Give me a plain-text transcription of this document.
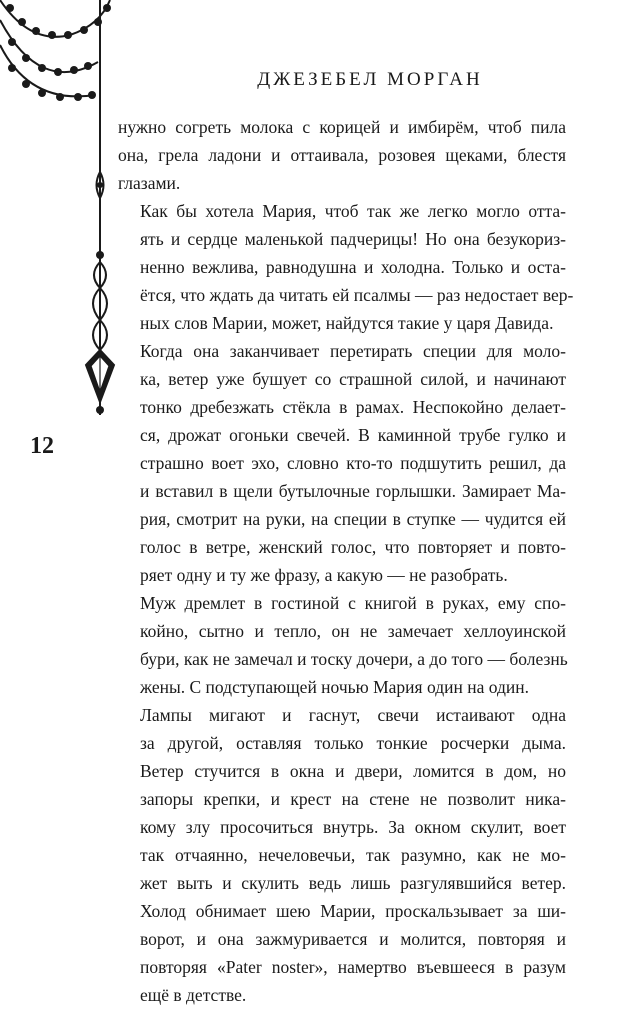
ДЖЕЗЕБЕЛ МОРГАН
12
нужно согреть молока с корицей и имбирём, чтоб пила
она, грела ладони и оттаивала, розовея щеками, блестя
глазами.
Как бы хотела Мария, чтоб так же легко могло отта-
ять и сердце маленькой падчерицы! Но она безукориз-
ненно вежлива, равнодушна и холодна. Только и оста-
ётся, что ждать да читать ей псалмы — раз недостает вер-
ных слов Марии, может, найдутся такие у царя Давида.
Когда она заканчивает перетирать специи для моло-
ка, ветер уже бушует со страшной силой, и начинают
тонко дребезжать стёкла в рамах. Неспокойно делает-
ся, дрожат огоньки свечей. В каминной трубе гулко и
страшно воет эхо, словно кто-то подшутить решил, да
и вставил в щели бутылочные горлышки. Замирает Ма-
рия, смотрит на руки, на специи в ступке — чудится ей
голос в ветре, женский голос, что повторяет и повто-
ряет одну и ту же фразу, а какую — не разобрать.
Муж дремлет в гостиной с книгой в руках, ему спо-
койно, сытно и тепло, он не замечает хеллоуинской
бури, как не замечал и тоску дочери, а до того — болезнь
жены. С подступающей ночью Мария один на один.
Лампы мигают и гаснут, свечи истаивают одна
за другой, оставляя только тонкие росчерки дыма.
Ветер стучится в окна и двери, ломится в дом, но
запоры крепки, и крест на стене не позволит ника-
кому злу просочиться внутрь. За окном скулит, воет
так отчаянно, нечеловечьи, так разумно, как не мо-
жет выть и скулить ведь лишь разгулявшийся ветер.
Холод обнимает шею Марии, проскальзывает за ши-
ворот, и она зажмуривается и молится, повторяя и
повторяя «Pater noster», намертво въевшееся в разум
ещё в детстве.
